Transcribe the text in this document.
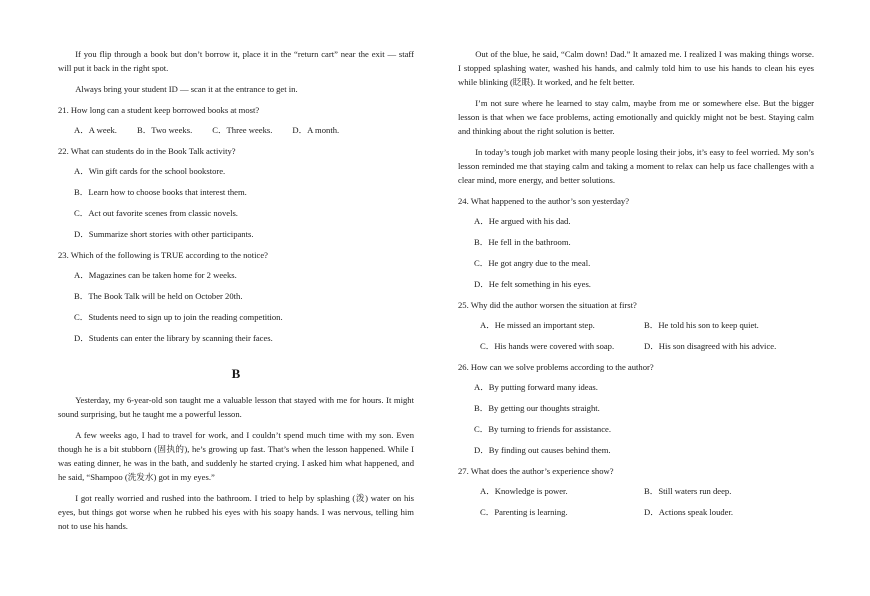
If you flip through a book but don’t borrow it, place it in the “return cart” near the exit — staff will put it back in the right spot.

Always bring your student ID — scan it at the entrance to get in.

21. How long can a student keep borrowed books at most?
A．A week. B．Two weeks. C．Three weeks. D．A month.
22. What can students do in the Book Talk activity?
A．Win gift cards for the school bookstore.
B．Learn how to choose books that interest them.
C．Act out favorite scenes from classic novels.
D．Summarize short stories with other participants.
23. Which of the following is TRUE according to the notice?
A．Magazines can be taken home for 2 weeks.
B．The Book Talk will be held on October 20th.
C．Students need to sign up to join the reading competition.
D．Students can enter the library by scanning their faces.
B

Yesterday, my 6-year-old son taught me a valuable lesson that stayed with me for hours. It might sound surprising, but he taught me a powerful lesson.

A few weeks ago, I had to travel for work, and I couldn’t spend much time with my son. Even though he is a bit stubborn (固执的), he’s growing up fast. That’s when the lesson happened. While I was eating dinner, he was in the bath, and suddenly he started crying. I asked him what happened, and he said, “Shampoo (洗发水) got in my eyes.”

I got really worried and rushed into the bathroom. I tried to help by splashing (泼) water on his eyes, but things got worse when he rubbed his eyes with his soapy hands. I was nervous, telling him not to use his hands.

Out of the blue, he said, “Calm down! Dad.” It amazed me. I realized I was making things worse. I stopped splashing water, washed his hands, and calmly told him to use his hands to clean his eyes while blinking (眨眼). It worked, and he felt better.

I’m not sure where he learned to stay calm, maybe from me or somewhere else. But the bigger lesson is that when we face problems, acting emotionally and quickly might not be best. Staying calm and thinking about the right solution is better.

In today’s tough job market with many people losing their jobs, it’s easy to feel worried. My son’s lesson reminded me that staying calm and taking a moment to relax can help us face challenges with a clear mind, more energy, and better solutions.

24. What happened to the author’s son yesterday?
A．He argued with his dad.
B．He fell in the bathroom.
C．He got angry due to the meal.
D．He felt something in his eyes.
25. Why did the author worsen the situation at first?
A．He missed an important step.	B．He told his son to keep quiet.
C．His hands were covered with soap.	D．His son disagreed with his advice.
26. How can we solve problems according to the author?
A．By putting forward many ideas.
B．By getting our thoughts straight.
C．By turning to friends for assistance.
D．By finding out causes behind them.
27. What does the author’s experience show?
A．Knowledge is power.	B．Still waters run deep.
C．Parenting is learning.	D．Actions speak louder.
